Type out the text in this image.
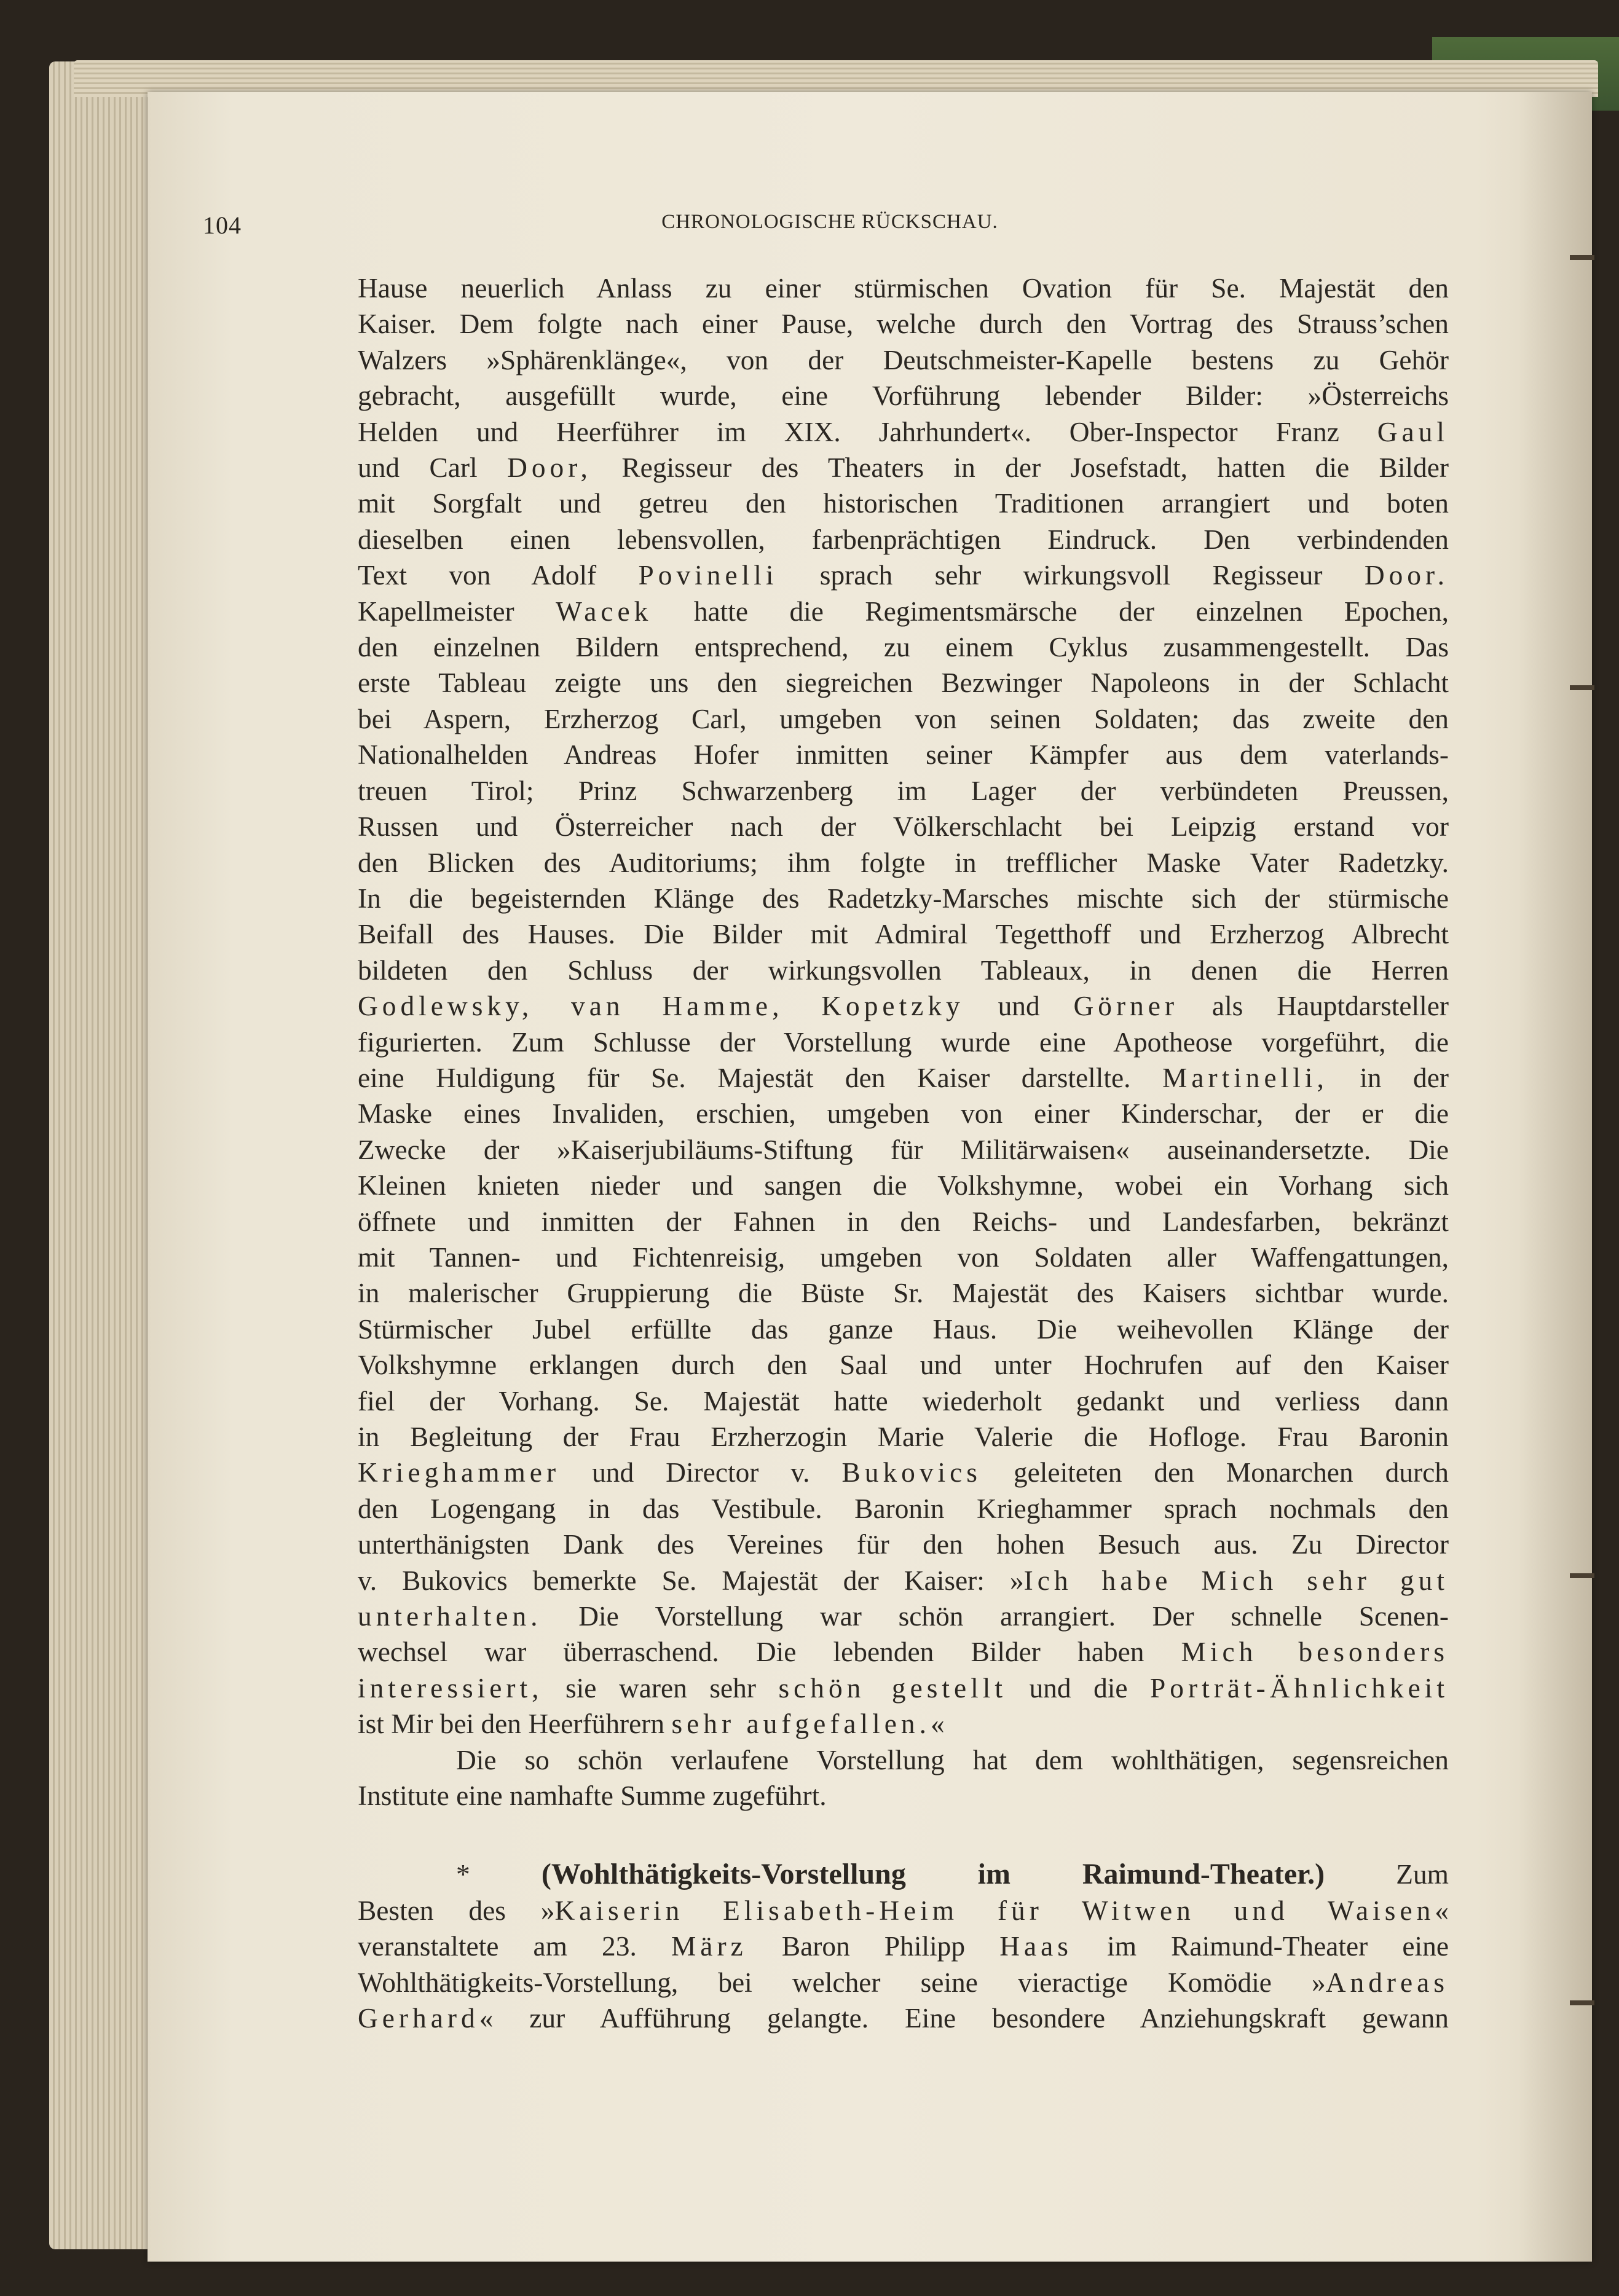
CHRONOLOGISCHE RÜCKSCHAU.
104

Hause neuerlich Anlass zu einer stürmischen Ovation für Se. Majestät den

Kaiser. Dem folgte nach einer Pause, welche durch den Vortrag des Strauss’schen

Walzers »Sphärenklänge«, von der Deutschmeister-Kapelle bestens zu Gehör

gebracht, ausgefüllt wurde, eine Vorführung lebender Bilder: »Österreichs

Helden und Heerführer im XIX. Jahrhundert«. Ober-Inspector Franz Gaul

und Carl Door, Regisseur des Theaters in der Josefstadt, hatten die Bilder

mit Sorgfalt und getreu den historischen Traditionen arrangiert und boten

dieselben einen lebensvollen, farbenprächtigen Eindruck. Den verbindenden

Text von Adolf Povinelli sprach sehr wirkungsvoll Regisseur Door.

Kapellmeister Wacek hatte die Regimentsmärsche der einzelnen Epochen,

den einzelnen Bildern entsprechend, zu einem Cyklus zusammengestellt. Das

erste Tableau zeigte uns den siegreichen Bezwinger Napoleons in der Schlacht

bei Aspern, Erzherzog Carl, umgeben von seinen Soldaten; das zweite den

Nationalhelden Andreas Hofer inmitten seiner Kämpfer aus dem vaterlands-

treuen Tirol; Prinz Schwarzenberg im Lager der verbündeten Preussen,

Russen und Österreicher nach der Völkerschlacht bei Leipzig erstand vor

den Blicken des Auditoriums; ihm folgte in trefflicher Maske Vater Radetzky.

In die begeisternden Klänge des Radetzky-Marsches mischte sich der stürmische

Beifall des Hauses. Die Bilder mit Admiral Tegetthoff und Erzherzog Albrecht

bildeten den Schluss der wirkungsvollen Tableaux, in denen die Herren

Godlewsky, van Hamme, Kopetzky und Görner als Hauptdarsteller

figurierten. Zum Schlusse der Vorstellung wurde eine Apotheose vorgeführt, die

eine Huldigung für Se. Majestät den Kaiser darstellte. Martinelli, in der

Maske eines Invaliden, erschien, umgeben von einer Kinderschar, der er die

Zwecke der »Kaiserjubiläums-Stiftung für Militärwaisen« auseinandersetzte. Die

Kleinen knieten nieder und sangen die Volkshymne, wobei ein Vorhang sich

öffnete und inmitten der Fahnen in den Reichs- und Landesfarben, bekränzt

mit Tannen- und Fichtenreisig, umgeben von Soldaten aller Waffengattungen,

in malerischer Gruppierung die Büste Sr. Majestät des Kaisers sichtbar wurde.

Stürmischer Jubel erfüllte das ganze Haus. Die weihevollen Klänge der

Volkshymne erklangen durch den Saal und unter Hochrufen auf den Kaiser

fiel der Vorhang. Se. Majestät hatte wiederholt gedankt und verliess dann

in Begleitung der Frau Erzherzogin Marie Valerie die Hofloge. Frau Baronin

Krieghammer und Director v. Bukovics geleiteten den Monarchen durch

den Logengang in das Vestibule. Baronin Krieghammer sprach nochmals den

unterthänigsten Dank des Vereines für den hohen Besuch aus. Zu Director

v. Bukovics bemerkte Se. Majestät der Kaiser: »Ich habe Mich sehr gut

unterhalten. Die Vorstellung war schön arrangiert. Der schnelle Scenen-

wechsel war überraschend. Die lebenden Bilder haben Mich besonders

interessiert, sie waren sehr schön gestellt und die Porträt-Ähnlichkeit

ist Mir bei den Heerführern sehr aufgefallen.«

Die so schön verlaufene Vorstellung hat dem wohlthätigen, segensreichen

Institute eine namhafte Summe zugeführt.

* (Wohlthätigkeits-Vorstellung im Raimund-Theater.)	Zum

Besten des »Kaiserin Elisabeth-Heim für Witwen und Waisen«

veranstaltete am 23. März Baron Philipp Haas im Raimund-Theater eine

Wohlthätigkeits-Vorstellung, bei welcher seine vieractige Komödie »Andreas

Gerhard« zur Aufführung gelangte. Eine besondere Anziehungskraft gewann
